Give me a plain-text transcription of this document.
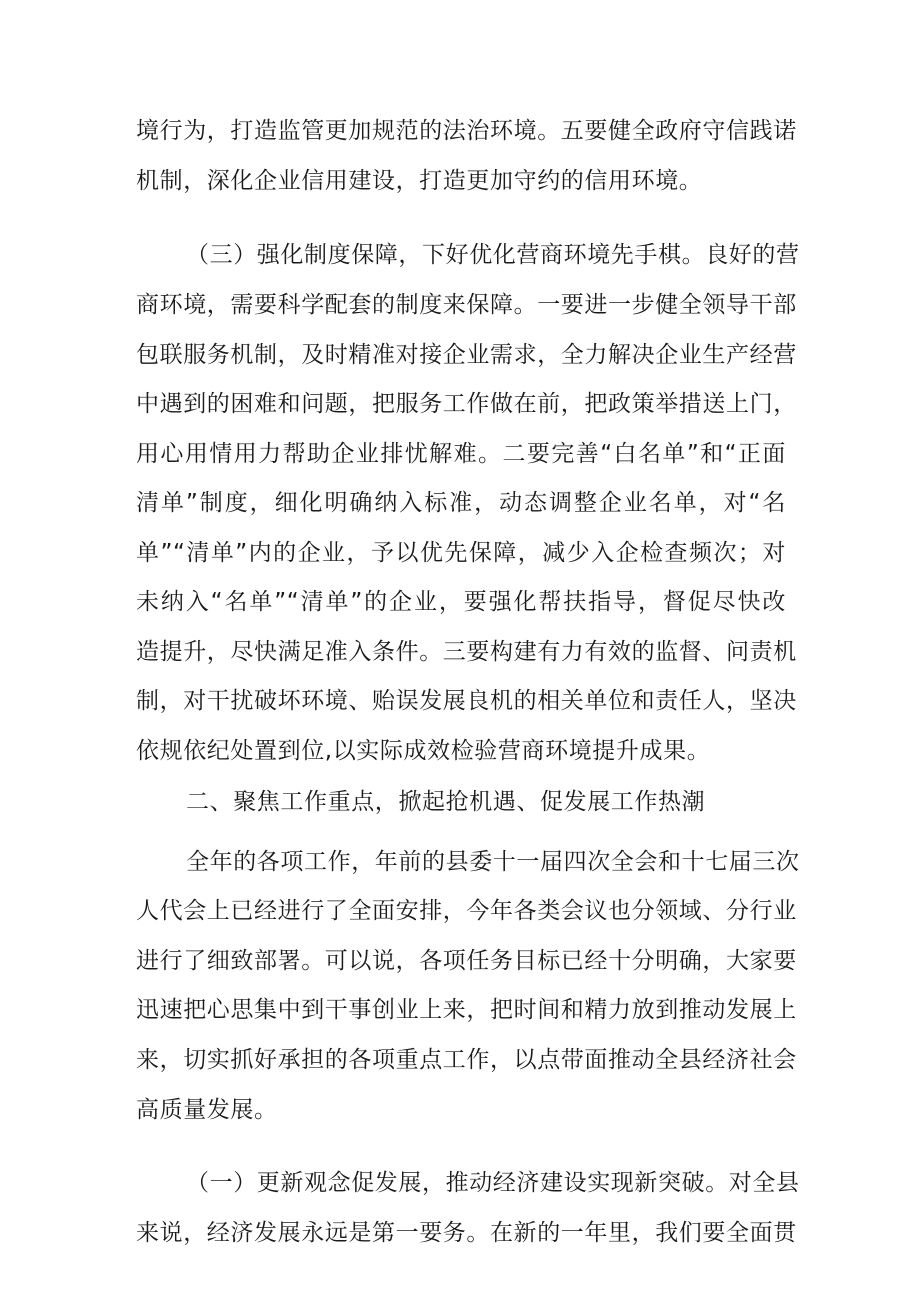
境行为，打造监管更加规范的法治环境。五要健全政府守信践诺
机制，深化企业信用建设，打造更加守约的信用环境。
（三）强化制度保障，下好优化营商环境先手棋。良好的营
商环境，需要科学配套的制度来保障。一要进一步健全领导干部
包联服务机制，及时精准对接企业需求，全力解决企业生产经营
中遇到的困难和问题，把服务工作做在前，把政策举措送上门，
用心用情用力帮助企业排忧解难。二要完善“白名单”和“正面
清单”制度，细化明确纳入标准，动态调整企业名单，对“名
单”“清单”内的企业，予以优先保障，减少入企检查频次；对
未纳入“名单”“清单”的企业，要强化帮扶指导，督促尽快改
造提升，尽快满足准入条件。三要构建有力有效的监督、问责机
制，对干扰破坏环境、贻误发展良机的相关单位和责任人，坚决
依规依纪处置到位,以实际成效检验营商环境提升成果。
二、聚焦工作重点，掀起抢机遇、促发展工作热潮
全年的各项工作，年前的县委十一届四次全会和十七届三次
人代会上已经进行了全面安排，今年各类会议也分领域、分行业
进行了细致部署。可以说，各项任务目标已经十分明确，大家要
迅速把心思集中到干事创业上来，把时间和精力放到推动发展上
来，切实抓好承担的各项重点工作，以点带面推动全县经济社会
高质量发展。
（一）更新观念促发展，推动经济建设实现新突破。对全县
来说，经济发展永远是第一要务。在新的一年里，我们要全面贯
